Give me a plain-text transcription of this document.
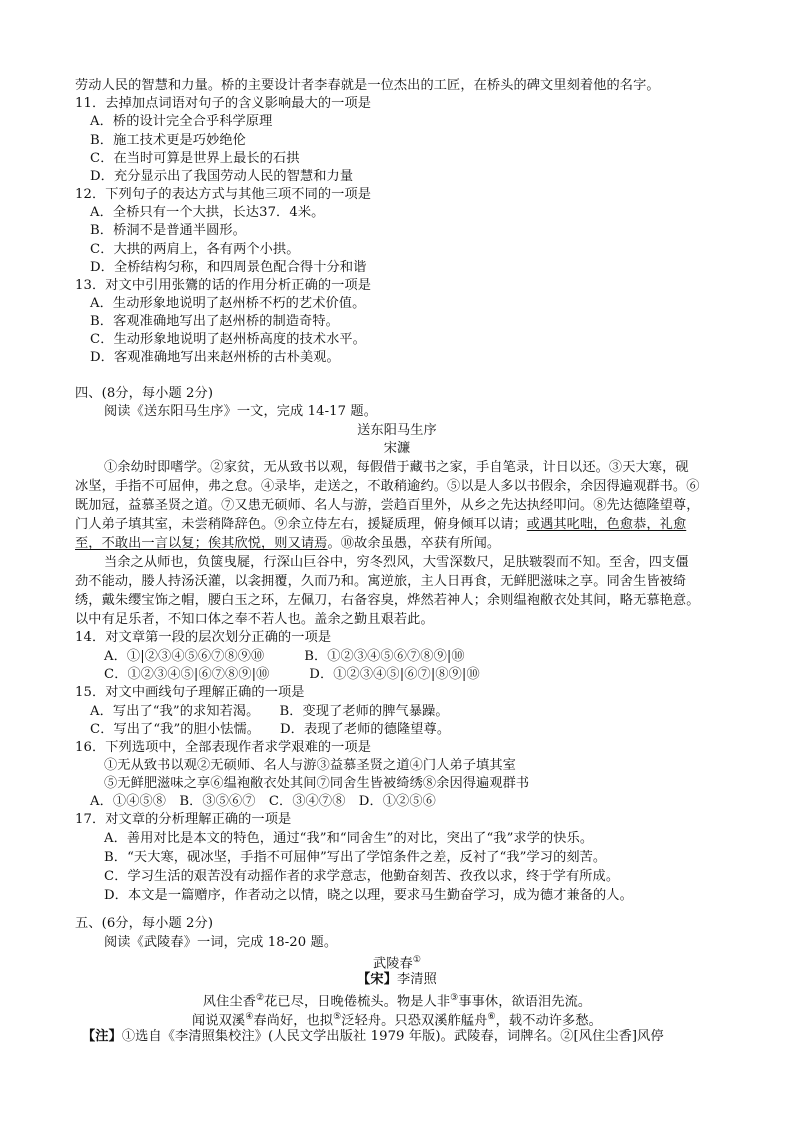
劳动人民的智慧和力量。桥的主要设计者李春就是一位杰出的工匠，在桥头的碑文里刻着他的名字。
11．去掉加点词语对句子的含义影响最大的一项是
A．桥的设计完全合乎科学原理
B．施工技术更是巧妙绝伦
C．在当时可算是世界上最长的石拱
D．充分显示出了我国劳动人民的智慧和力量
12．下列句子的表达方式与其他三项不同的一项是
A．全桥只有一个大拱，长达37．4米。
B．桥洞不是普通半圆形。
C．大拱的两肩上，各有两个小拱。
D．全桥结构匀称，和四周景色配合得十分和谐
13．对文中引用张鷟的话的作用分析正确的一项是
A．生动形象地说明了赵州桥不朽的艺术价值。
B．客观准确地写出了赵州桥的制造奇特。
C．生动形象地说明了赵州桥高度的技术水平。
D．客观准确地写出来赵州桥的古朴美观。
四、(8分，每小题 2分)
阅读《送东阳马生序》一文，完成 14-17 题。
送东阳马生序
宋濂
①余幼时即嗜学。②家贫，无从致书以观，每假借于藏书之家，手自笔录，计日以还。③天大寒，砚
冰坚，手指不可屈伸，弗之怠。④录毕，走送之，不敢稍逾约。⑤以是人多以书假余，余因得遍观群书。⑥
既加冠，益慕圣贤之道。⑦又患无硕师、名人与游，尝趋百里外，从乡之先达执经叩问。⑧先达德隆望尊，
门人弟子填其室，未尝稍降辞色。⑨余立侍左右，援疑质理，俯身倾耳以请；或遇其叱咄，色愈恭，礼愈
至，不敢出一言以复；俟其欣悦，则又请焉。⑩故余虽愚，卒获有所闻。
当余之从师也，负箧曳屣，行深山巨谷中，穷冬烈风，大雪深数尺，足肤皲裂而不知。至舍，四支僵
劲不能动，媵人持汤沃灌，以衾拥覆，久而乃和。寓逆旅，主人日再食，无鲜肥滋味之享。同舍生皆被绮
绣，戴朱缨宝饰之帽，腰白玉之环，左佩刀，右备容臭，烨然若神人；余则缊袍敝衣处其间，略无慕艳意。
以中有足乐者，不知口体之奉不若人也。盖余之勤且艰若此。
14．对文章第一段的层次划分正确的一项是
A．①|②③④⑤⑥⑦⑧⑨⑩　　　B．①②③④⑤⑥⑦⑧⑨|⑩
C．①②③④⑤|⑥⑦⑧⑨|⑩　　　D．①②③④⑤|⑥⑦|⑧⑨|⑩
15．对文中画线句子理解正确的一项是
A．写出了“我”的求知若渴。　　B．变现了老师的脾气暴躁。
C．写出了“我”的胆小怯懦。　　D．表现了老师的德隆望尊。
16．下列选项中，全部表现作者求学艰难的一项是
①无从致书以观②无硕师、名人与游③益慕圣贤之道④门人弟子填其室
⑤无鲜肥滋味之享⑥缊袍敝衣处其间⑦同舍生皆被绮绣⑧余因得遍观群书
A．①④⑤⑧　B．③⑤⑥⑦　C．③④⑦⑧　D．①②⑤⑥
17．对文章的分析理解正确的一项是
A．善用对比是本文的特色，通过“我”和“同舍生”的对比，突出了“我”求学的快乐。
B．“天大寒，砚冰坚，手指不可屈伸”写出了学馆条件之差，反衬了“我”学习的刻苦。
C．学习生活的艰苦没有动摇作者的求学意志，他勤奋刻苦、孜孜以求，终于学有所成。
D．本文是一篇赠序，作者动之以情，晓之以理，要求马生勤奋学习，成为德才兼备的人。
五、(6分，每小题 2分)
阅读《武陵春》一词，完成 18-20 题。
武陵春①
【宋】李清照
风住尘香②花已尽，日晚倦梳头。物是人非③事事休，欲语泪先流。
闻说双溪④春尚好，也拟⑤泛轻舟。只恐双溪舴艋舟⑥，载不动许多愁。
【注】①选自《李清照集校注》(人民文学出版社 1979 年版)。武陵春，词牌名。②[风住尘香]风停
